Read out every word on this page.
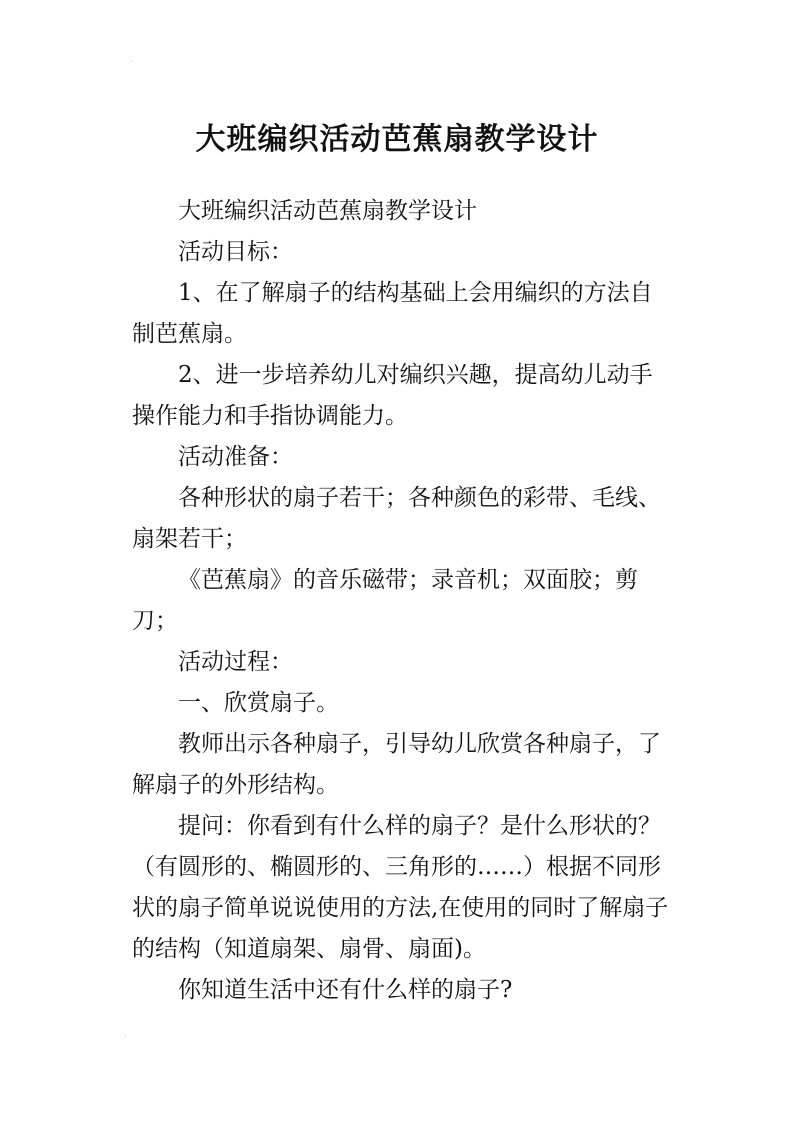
·
大班编织活动芭蕉扇教学设计

大班编织活动芭蕉扇教学设计

活动目标：

1、在了解扇子的结构基础上会用编织的方法自制芭蕉扇。

2、进一步培养幼儿对编织兴趣，提高幼儿动手操作能力和手指协调能力。

活动准备：

各种形状的扇子若干；各种颜色的彩带、毛线、扇架若干；

《芭蕉扇》的音乐磁带；录音机；双面胶；剪刀；

活动过程：

一、欣赏扇子。

教师出示各种扇子，引导幼儿欣赏各种扇子，了解扇子的外形结构。

提问：你看到有什么样的扇子？是什么形状的？（有圆形的、椭圆形的、三角形的……）根据不同形状的扇子简单说说使用的方法,在使用的同时了解扇子的结构（知道扇架、扇骨、扇面)。

你知道生活中还有什么样的扇子?

·
